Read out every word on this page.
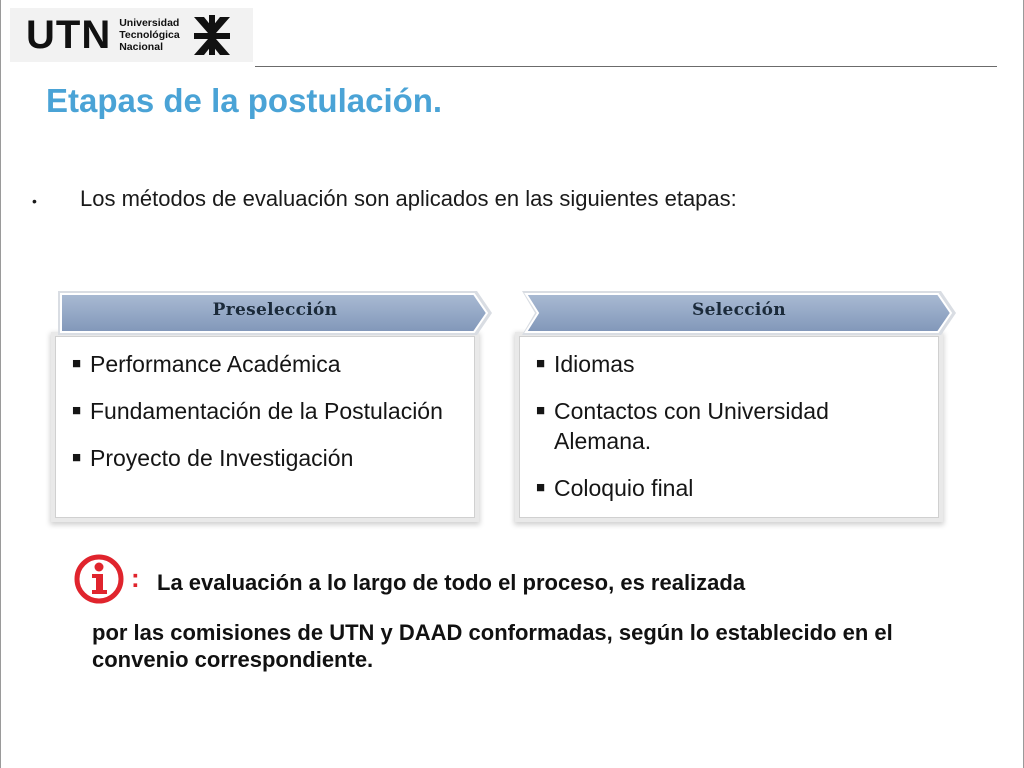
UTN Universidad
Tecnológica
Nacional
Etapas de la postulación.
•	Los métodos de evaluación son aplicados en las siguientes etapas:
■ Performance Académica
■ Fundamentación de la Postulación
■ Proyecto de Investigación
Preselección
■ Idiomas
■ Contactos con Universidad Alemana.
■ Coloquio final
Selección
: La evaluación a lo largo de todo el proceso, es realizada
por las comisiones de UTN y DAAD conformadas, según lo establecido en el convenio correspondiente.
